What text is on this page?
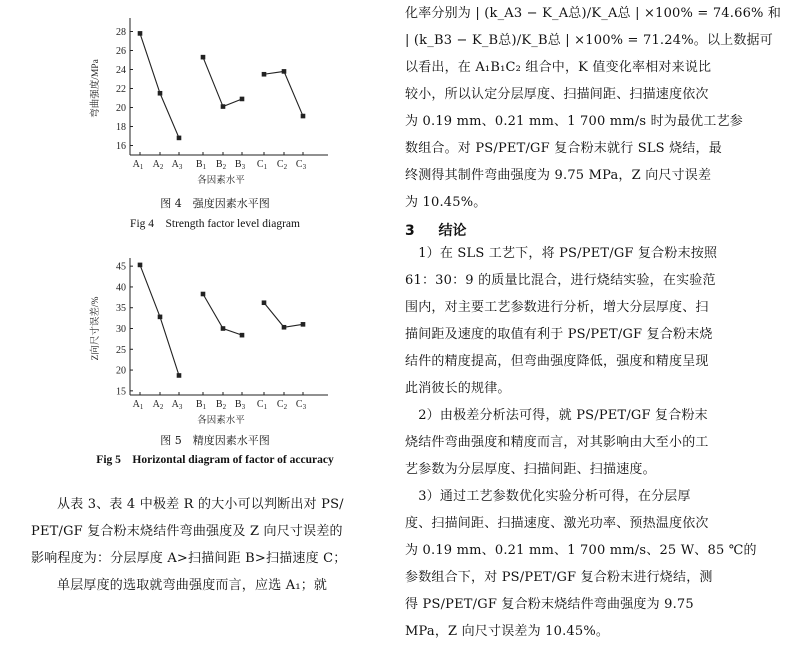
16
18
20
22
24
26
28
$A_1$ $A_2$ $A_3$ $B_1$ $B_2$ $B_3$ $C_1$ $C_2$ $C_3$
各因素水平
弯曲强度/MPa
图 4　强度因素水平图
Fig 4　Strength factor level diagram
15
20
25
30
35
40
45
$A_1$ $A_2$ $A_3$ $B_1$ $B_2$ $B_3$ $C_1$ $C_2$ $C_3$
各因素水平
Z向尺寸误差/%
图 5　精度因素水平图
Fig 5　Horizontal diagram of factor of accuracy
从表 3、表 4 中极差 R 的大小可以判断出对 PS/
PET/GF 复合粉末烧结件弯曲强度及 Z 向尺寸误差的
影响程度为：分层厚度 A>扫描间距 B>扫描速度 C；
单层厚度的选取就弯曲强度而言，应选 A₁；就
化率分别为 | (k_A3 − K_A总)/K_A总 | ×100% = 74.66% 和
| (k_B3 − K_B总)/K_B总 | ×100% = 71.24%。以上数据可
以看出，在 A₁B₁C₂ 组合中，K 值变化率相对来说比
较小，所以认定分层厚度、扫描间距、扫描速度依次
为 0.19 mm、0.21 mm、1 700 mm/s 时为最优工艺参
数组合。对 PS/PET/GF 复合粉末就行 SLS 烧结，最
终测得其制件弯曲强度为 9.75 MPa，Z 向尺寸误差
为 10.45%。
3 结论
　1）在 SLS 工艺下，将 PS/PET/GF 复合粉末按照
61：30：9 的质量比混合，进行烧结实验，在实验范
围内，对主要工艺参数进行分析，增大分层厚度、扫
描间距及速度的取值有利于 PS/PET/GF 复合粉末烧
结件的精度提高，但弯曲强度降低，强度和精度呈现
此消彼长的规律。
　2）由极差分析法可得，就 PS/PET/GF 复合粉末
烧结件弯曲强度和精度而言，对其影响由大至小的工
艺参数为分层厚度、扫描间距、扫描速度。
　3）通过工艺参数优化实验分析可得，在分层厚
度、扫描间距、扫描速度、激光功率、预热温度依次
为 0.19 mm、0.21 mm、1 700 mm/s、25 W、85 ℃的
参数组合下，对 PS/PET/GF 复合粉末进行烧结，测
得 PS/PET/GF 复合粉末烧结件弯曲强度为 9.75
MPa，Z 向尺寸误差为 10.45%。
